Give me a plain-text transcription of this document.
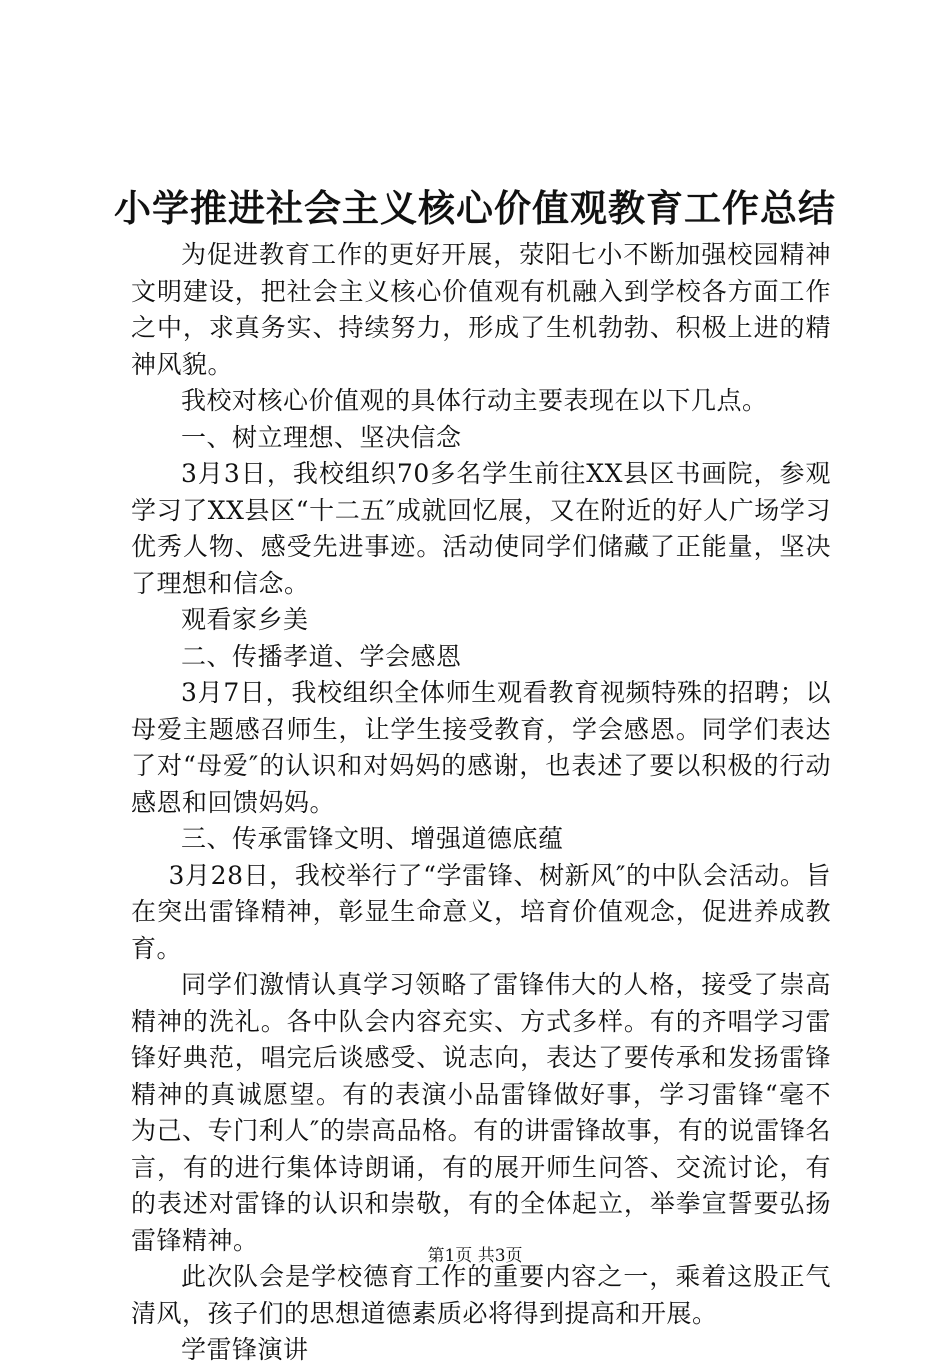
小学推进社会主义核心价值观教育工作总结

为促进教育工作的更好开展，荥阳七小不断加强校园精神文明建设，把社会主义核心价值观有机融入到学校各方面工作之中，求真务实、持续努力，形成了生机勃勃、积极上进的精神风貌。

我校对核心价值观的具体行动主要表现在以下几点。

一、树立理想、坚决信念

3月3日，我校组织70多名学生前往XX县区书画院，参观学习了XX县区“十二五″成就回忆展，又在附近的好人广场学习优秀人物、感受先进事迹。活动使同学们储藏了正能量，坚决了理想和信念。

观看家乡美

二、传播孝道、学会感恩

3月7日，我校组织全体师生观看教育视频特殊的招聘；以母爱主题感召师生，让学生接受教育，学会感恩。同学们表达了对“母爱″的认识和对妈妈的感谢，也表述了要以积极的行动感恩和回馈妈妈。

三、传承雷锋文明、增强道德底蕴

3月28日，我校举行了“学雷锋、树新风″的中队会活动。旨在突出雷锋精神，彰显生命意义，培育价值观念，促进养成教育。

同学们激情认真学习领略了雷锋伟大的人格，接受了崇高精神的洗礼。各中队会内容充实、方式多样。有的齐唱学习雷锋好典范，唱完后谈感受、说志向，表达了要传承和发扬雷锋精神的真诚愿望。有的表演小品雷锋做好事，学习雷锋“毫不为己、专门利人″的崇高品格。有的讲雷锋故事，有的说雷锋名言，有的进行集体诗朗诵，有的展开师生问答、交流讨论，有的表述对雷锋的认识和崇敬，有的全体起立，举拳宣誓要弘扬雷锋精神。

此次队会是学校德育工作的重要内容之一，乘着这股正气清风，孩子们的思想道德素质必将得到提高和开展。

学雷锋演讲

第1页 共3页
